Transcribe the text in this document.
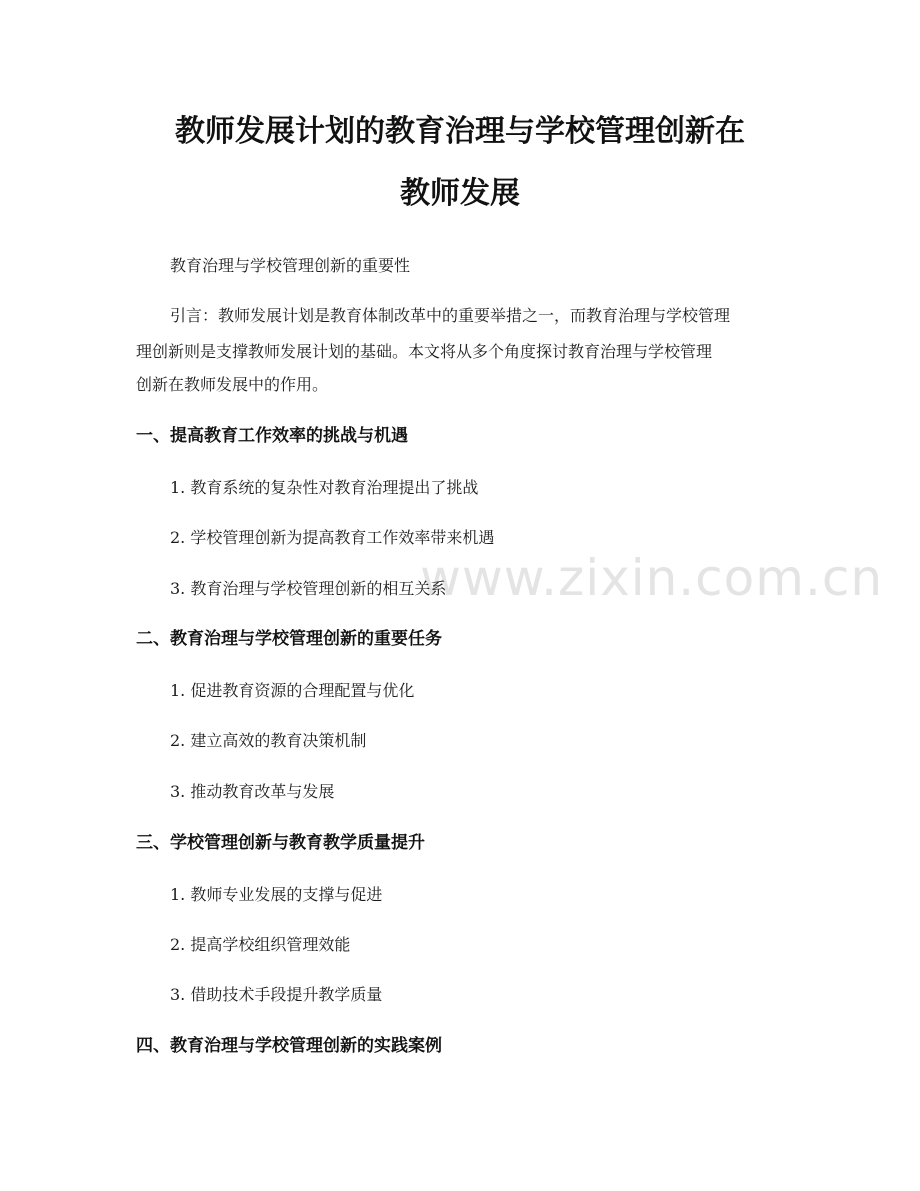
www.zixin.com.cn
教师发展计划的教育治理与学校管理创新在
教师发展
教育治理与学校管理创新的重要性
引言：教师发展计划是教育体制改革中的重要举措之一，而教育治理与学校管理
理创新则是支撑教师发展计划的基础。本文将从多个角度探讨教育治理与学校管理
创新在教师发展中的作用。
一、提高教育工作效率的挑战与机遇
1. 教育系统的复杂性对教育治理提出了挑战
2. 学校管理创新为提高教育工作效率带来机遇
3. 教育治理与学校管理创新的相互关系
二、教育治理与学校管理创新的重要任务
1. 促进教育资源的合理配置与优化
2. 建立高效的教育决策机制
3. 推动教育改革与发展
三、学校管理创新与教育教学质量提升
1. 教师专业发展的支撑与促进
2. 提高学校组织管理效能
3. 借助技术手段提升教学质量
四、教育治理与学校管理创新的实践案例
